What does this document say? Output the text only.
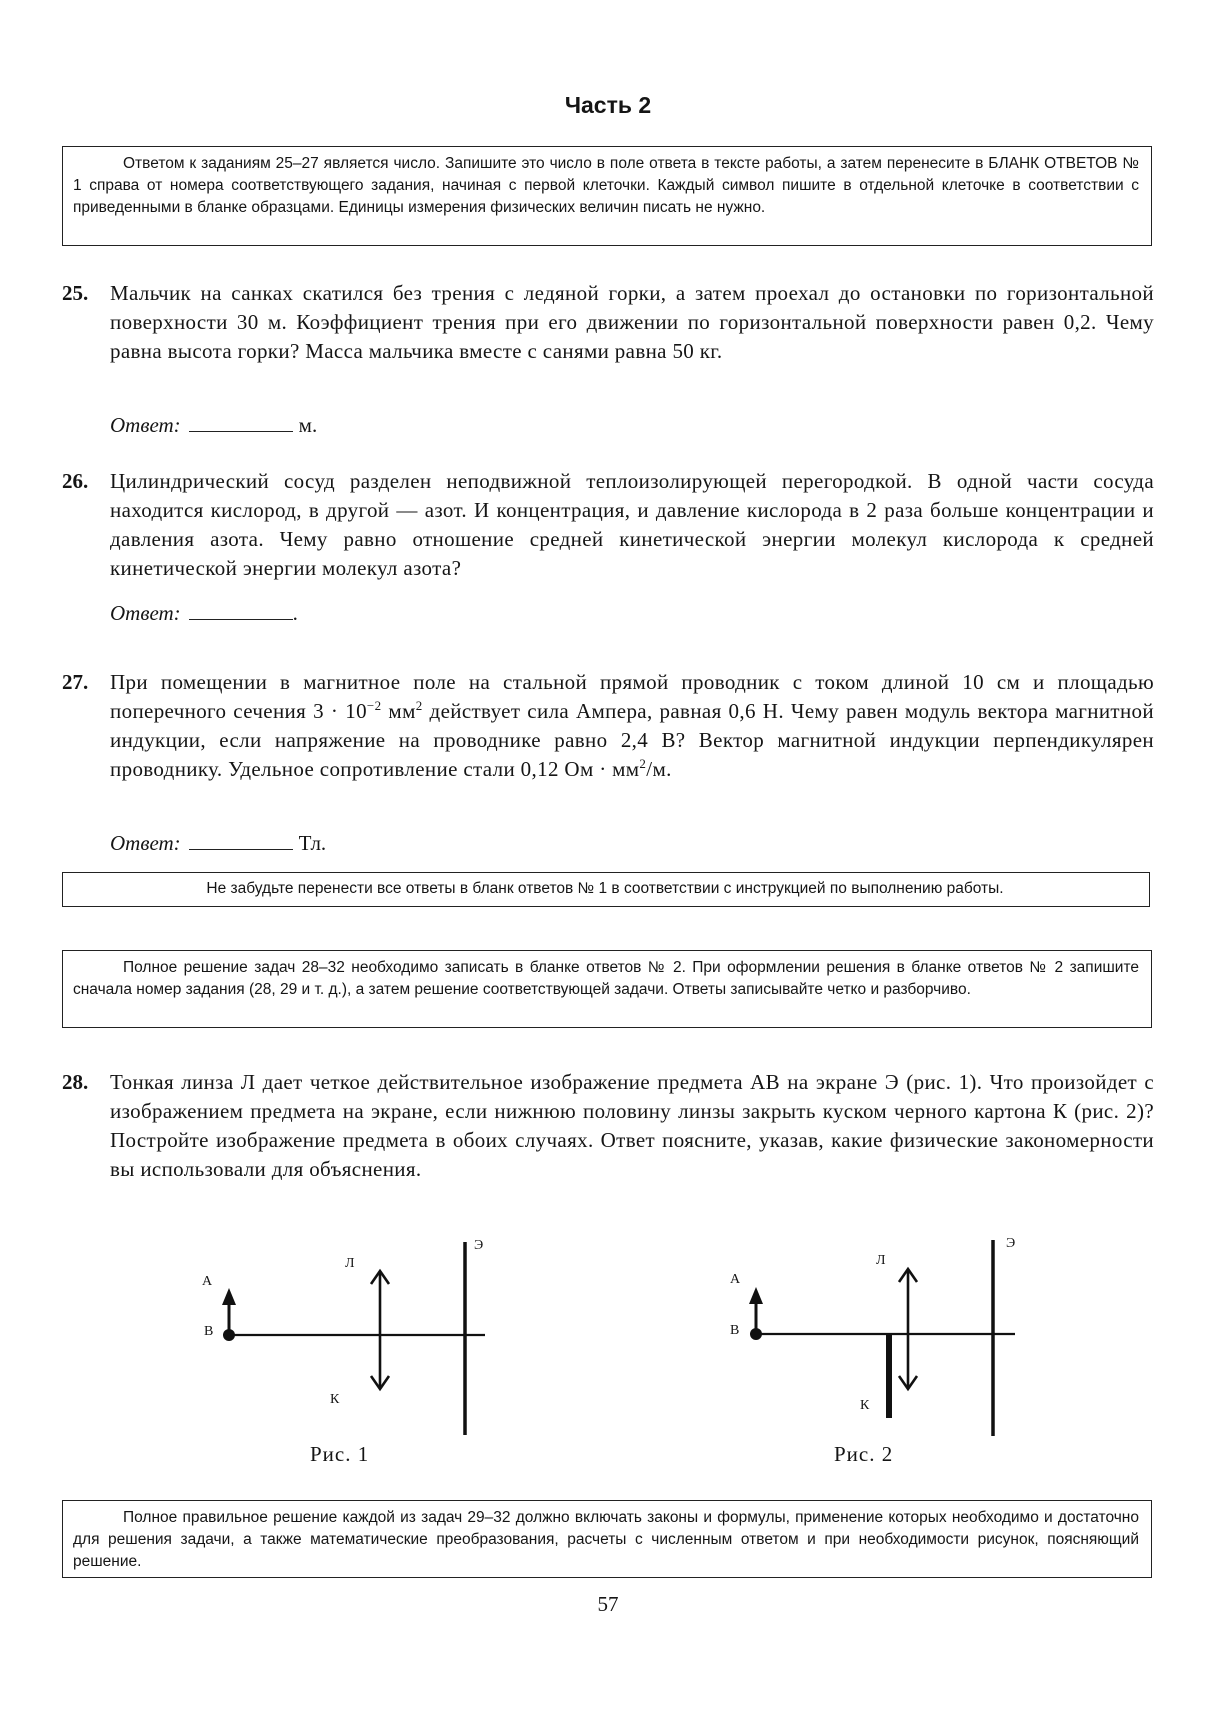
Часть 2

Ответом к заданиям 25–27 является число. Запишите это число в поле ответа в тексте работы, а затем перенесите в БЛАНК ОТВЕТОВ № 1 справа от номера соответствующего задания, начиная с первой клеточки. Каждый символ пишите в отдельной клеточке в соответствии с приведенными в бланке образцами. Единицы измерения физических величин писать не нужно.

25. Мальчик на санках скатился без трения с ледяной горки, а затем проехал до остановки по горизонтальной поверхности 30 м. Коэффициент трения при его движении по горизонтальной поверхности равен 0,2. Чему равна высота горки? Масса мальчика вместе с санями равна 50 кг.
Ответ:	м.
26. Цилиндрический сосуд разделен неподвижной теплоизолирующей перегородкой. В одной части сосуда находится кислород, в другой — азот. И концентрация, и давление кислорода в 2 раза больше концентрации и давления азота. Чему равно отношение средней кинетической энергии молекул кислорода к средней кинетической энергии молекул азота?
Ответ:	.
27. При помещении в магнитное поле на стальной прямой проводник с током длиной 10 см и площадью поперечного сечения $3 \cdot 10^{-2}$ $мм^2$ действует сила Ампера, равная 0,6 Н. Чему равен модуль вектора магнитной индукции, если напряжение на проводнике равно 2,4 В? Вектор магнитной индукции перпендикулярен проводнику. Удельное сопротивление стали 0,12 Ом · $мм^2/м$.
Ответ:	Тл.

Не забудьте перенести все ответы в бланк ответов № 1 в соответствии с инструкцией по выполнению работы.

Полное решение задач 28–32 необходимо записать в бланке ответов № 2. При оформлении решения в бланке ответов № 2 запишите сначала номер задания (28, 29 и т. д.), а затем решение соответствующей задачи. Ответы записывайте четко и разборчиво.

28. Тонкая линза Л дает четкое действительное изображение предмета АВ на экране Э (рис. 1). Что произойдет с изображением предмета на экране, если нижнюю половину линзы закрыть куском черного картона К (рис. 2)? Постройте изображение предмета в обоих случаях. Ответ поясните, указав, какие физические закономерности вы использовали для объяснения.
А
В
Л
Э
К
Рис. 1
А
В
Л
Э
К
Рис. 2

Полное правильное решение каждой из задач 29–32 должно включать законы и формулы, применение которых необходимо и достаточно для решения задачи, а также математические преобразования, расчеты с численным ответом и при необходимости рисунок, поясняющий решение.

57
